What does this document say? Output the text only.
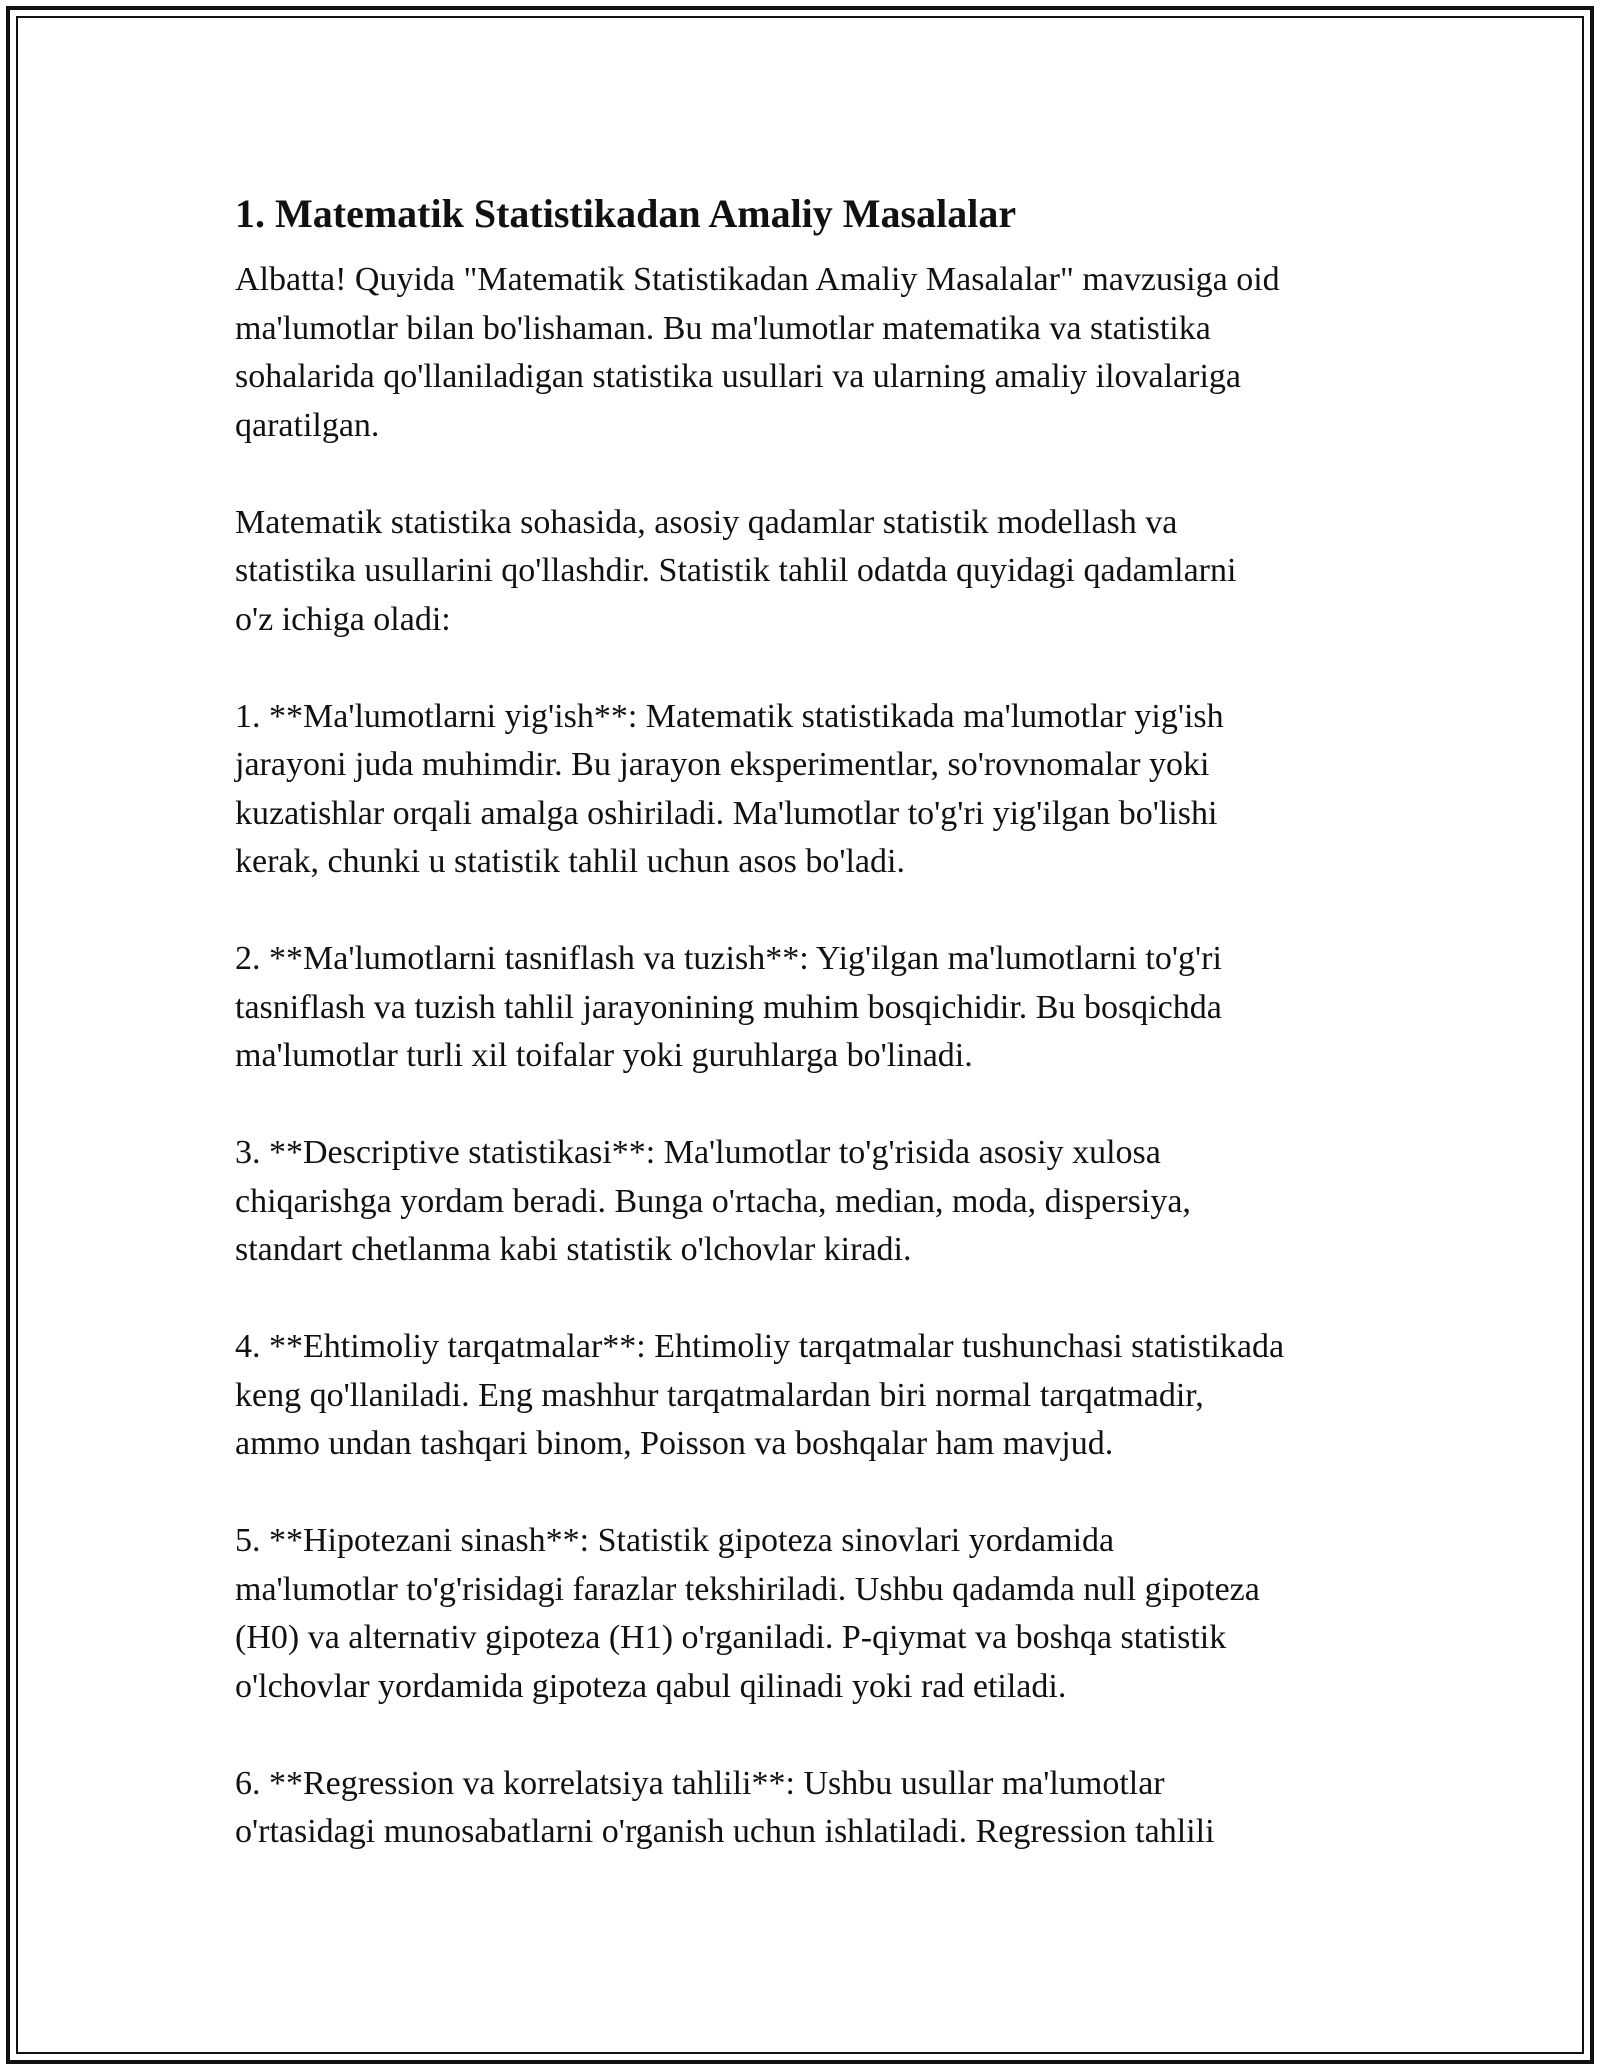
1. Matematik Statistikadan Amaliy Masalalar
Albatta! Quyida "Matematik Statistikadan Amaliy Masalalar" mavzusiga oid
ma'lumotlar bilan bo'lishaman. Bu ma'lumotlar matematika va statistika
sohalarida qo'llaniladigan statistika usullari va ularning amaliy ilovalariga
qaratilgan.
Matematik statistika sohasida, asosiy qadamlar statistik modellash va
statistika usullarini qo'llashdir. Statistik tahlil odatda quyidagi qadamlarni
o'z ichiga oladi:
1. **Ma'lumotlarni yig'ish**: Matematik statistikada ma'lumotlar yig'ish
jarayoni juda muhimdir. Bu jarayon eksperimentlar, so'rovnomalar yoki
kuzatishlar orqali amalga oshiriladi. Ma'lumotlar to'g'ri yig'ilgan bo'lishi
kerak, chunki u statistik tahlil uchun asos bo'ladi.
2. **Ma'lumotlarni tasniflash va tuzish**: Yig'ilgan ma'lumotlarni to'g'ri
tasniflash va tuzish tahlil jarayonining muhim bosqichidir. Bu bosqichda
ma'lumotlar turli xil toifalar yoki guruhlarga bo'linadi.
3. **Descriptive statistikasi**: Ma'lumotlar to'g'risida asosiy xulosa
chiqarishga yordam beradi. Bunga o'rtacha, median, moda, dispersiya,
standart chetlanma kabi statistik o'lchovlar kiradi.
4. **Ehtimoliy tarqatmalar**: Ehtimoliy tarqatmalar tushunchasi statistikada
keng qo'llaniladi. Eng mashhur tarqatmalardan biri normal tarqatmadir,
ammo undan tashqari binom, Poisson va boshqalar ham mavjud.
5. **Hipotezani sinash**: Statistik gipoteza sinovlari yordamida
ma'lumotlar to'g'risidagi farazlar tekshiriladi. Ushbu qadamda null gipoteza
(H0) va alternativ gipoteza (H1) o'rganiladi. P-qiymat va boshqa statistik
o'lchovlar yordamida gipoteza qabul qilinadi yoki rad etiladi.
6. **Regression va korrelatsiya tahlili**: Ushbu usullar ma'lumotlar
o'rtasidagi munosabatlarni o'rganish uchun ishlatiladi. Regression tahlili
